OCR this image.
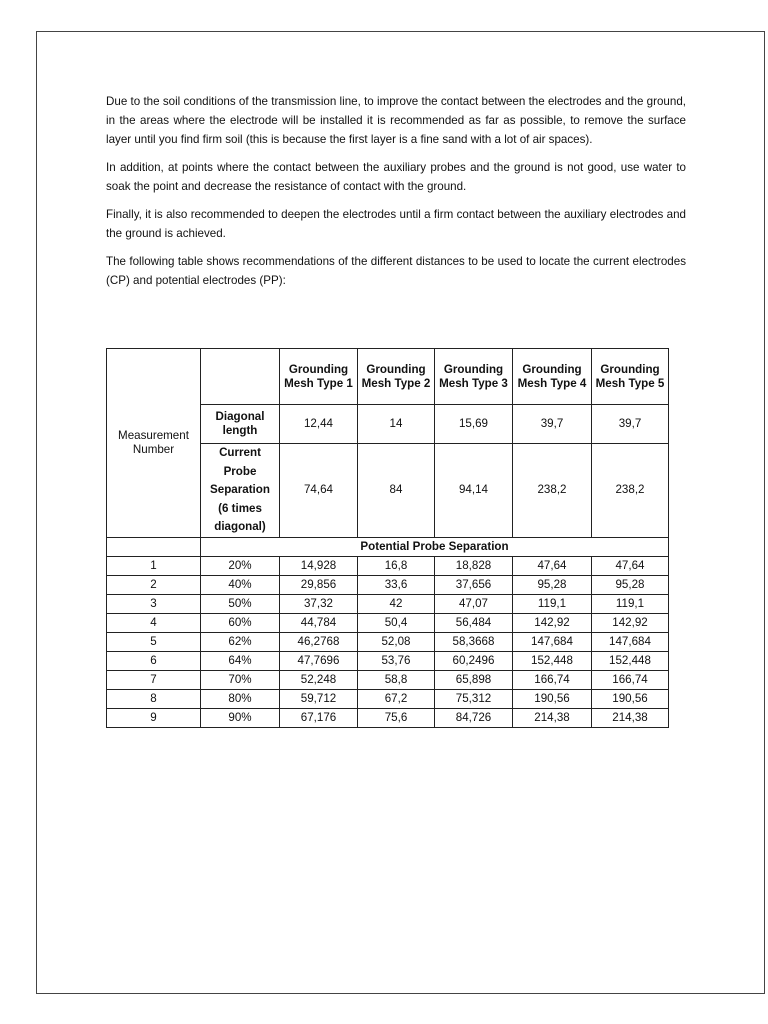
Due to the soil conditions of the transmission line, to improve the contact between the electrodes and the ground, in the areas where the electrode will be installed it is recommended as far as possible, to remove the surface layer until you find firm soil (this is because the first layer is a fine sand with a lot of air spaces).

In addition, at points where the contact between the auxiliary probes and the ground is not good, use water to soak the point and decrease the resistance of contact with the ground.

Finally, it is also recommended to deepen the electrodes until a firm contact between the auxiliary electrodes and the ground is achieved.

The following table shows recommendations of the different distances to be used to locate the current electrodes (CP) and potential electrodes (PP):

Measurement Number		Grounding Mesh Type 1	Grounding Mesh Type 2	Grounding Mesh Type 3	Grounding Mesh Type 4	Grounding Mesh Type 5
	Diagonal length	12,44	14	15,69	39,7	39,7
	Current Probe Separation (6 times diagonal)	74,64	84	94,14	238,2	238,2
	Potential Probe Separation					
1	20%	14,928	16,8	18,828	47,64	47,64
2	40%	29,856	33,6	37,656	95,28	95,28
3	50%	37,32	42	47,07	119,1	119,1
4	60%	44,784	50,4	56,484	142,92	142,92
5	62%	46,2768	52,08	58,3668	147,684	147,684
6	64%	47,7696	53,76	60,2496	152,448	152,448
7	70%	52,248	58,8	65,898	166,74	166,74
8	80%	59,712	67,2	75,312	190,56	190,56
9	90%	67,176	75,6	84,726	214,38	214,38
